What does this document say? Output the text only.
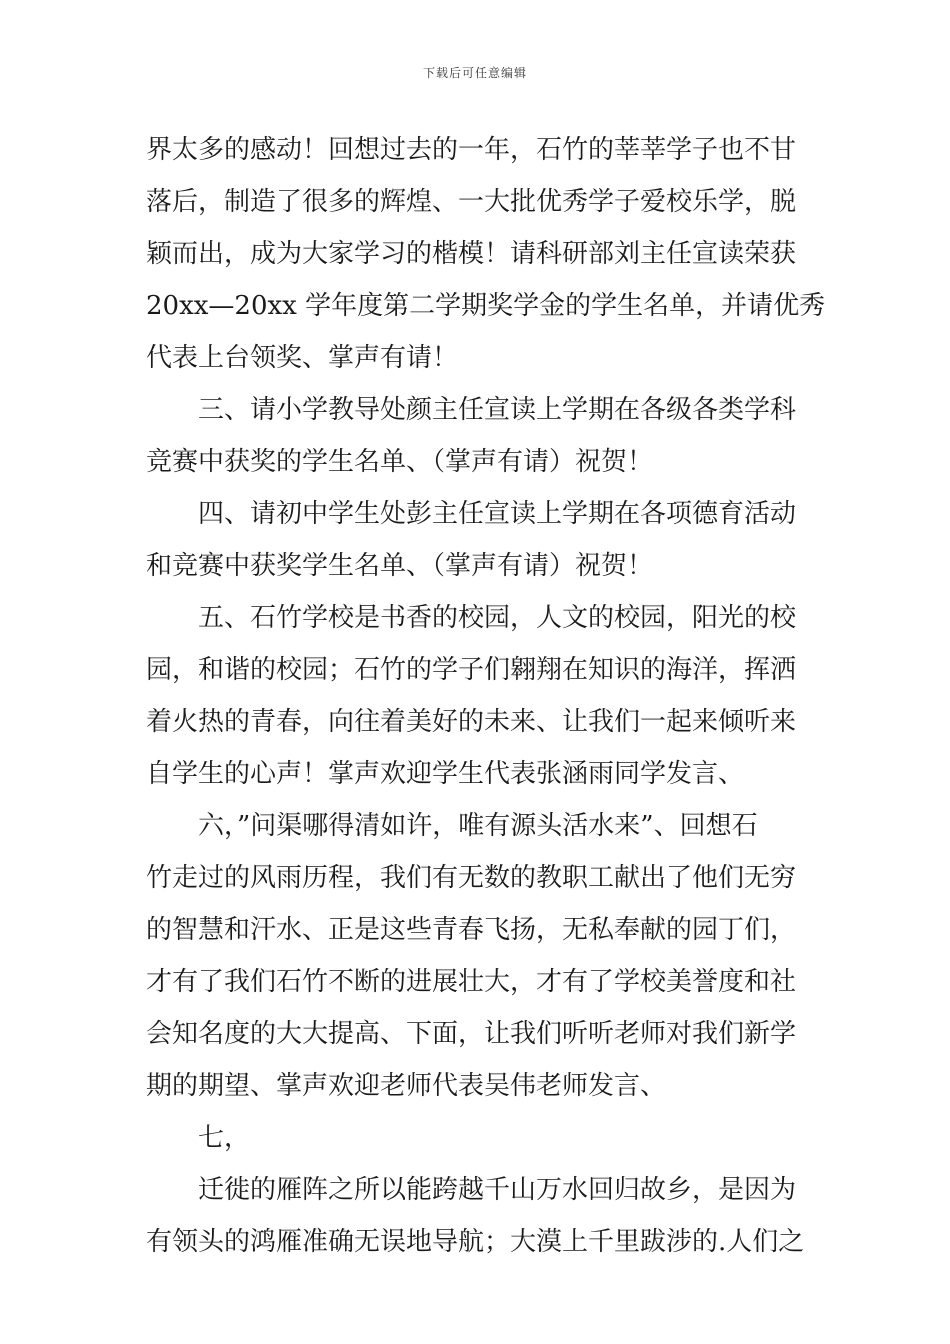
下载后可任意编辑
界太多的感动！回想过去的一年，石竹的莘莘学子也不甘
落后，制造了很多的辉煌、一大批优秀学子爱校乐学，脱
颖而出，成为大家学习的楷模！请科研部刘主任宣读荣获
20xx—20xx 学年度第二学期奖学金的学生名单，并请优秀
代表上台领奖、掌声有请！
三、请小学教导处颜主任宣读上学期在各级各类学科
竞赛中获奖的学生名单、（掌声有请）祝贺！
四、请初中学生处彭主任宣读上学期在各项德育活动
和竞赛中获奖学生名单、（掌声有请）祝贺！
五、石竹学校是书香的校园，人文的校园，阳光的校
园，和谐的校园；石竹的学子们翱翔在知识的海洋，挥洒
着火热的青春，向往着美好的未来、让我们一起来倾听来
自学生的心声！掌声欢迎学生代表张涵雨同学发言、
六，”问渠哪得清如许，唯有源头活水来”、回想石
竹走过的风雨历程，我们有无数的教职工献出了他们无穷
的智慧和汗水、正是这些青春飞扬，无私奉献的园丁们，
才有了我们石竹不断的进展壮大，才有了学校美誉度和社
会知名度的大大提高、下面，让我们听听老师对我们新学
期的期望、掌声欢迎老师代表吴伟老师发言、
七，
迁徙的雁阵之所以能跨越千山万水回归故乡，是因为
有领头的鸿雁准确无误地导航；大漠上千里跋涉的.人们之
